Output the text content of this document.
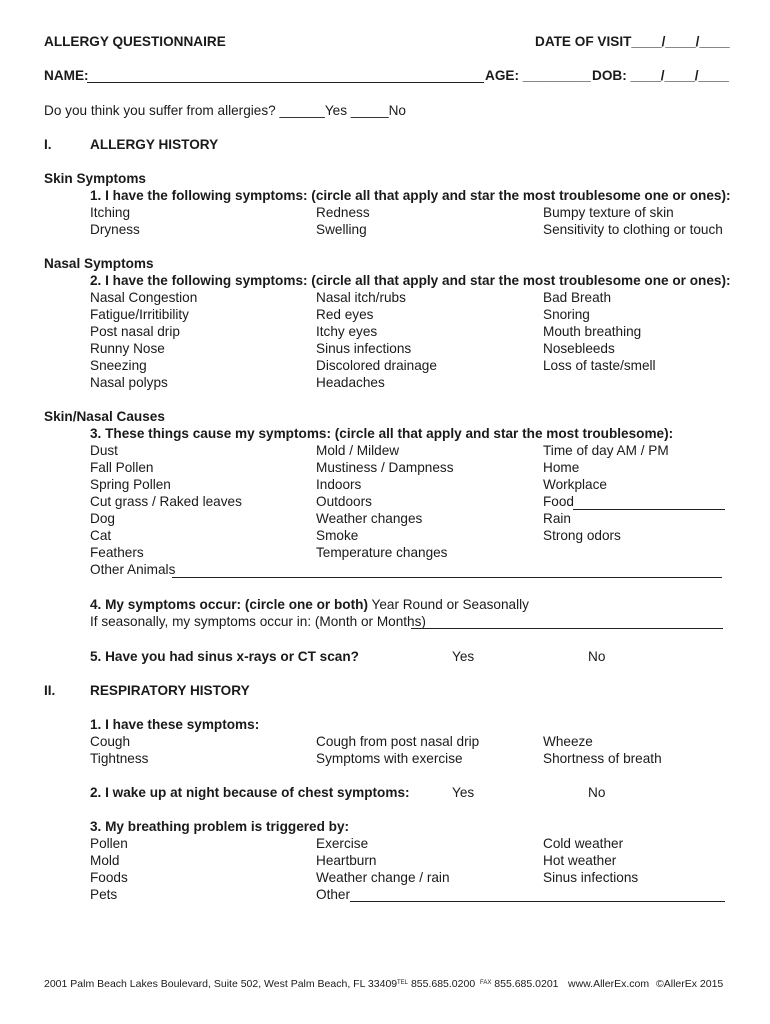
ALLERGY QUESTIONNAIRE	DATE OF VISIT____/____/____
NAME:	AGE: _________ DOB: ____/____/____
Do you think you suffer from allergies? ______Yes _____No
I.	ALLERGY HISTORY
Skin Symptoms
1. I have the following symptoms: (circle all that apply and star the most troublesome one or ones):
Itching	Redness	Bumpy texture of skin
Dryness	Swelling	Sensitivity to clothing or touch
Nasal Symptoms
2. I have the following symptoms: (circle all that apply and star the most troublesome one or ones):
Nasal Congestion	Nasal itch/rubs	Bad Breath
Fatigue/Irritibility	Red eyes	Snoring
Post nasal drip	Itchy eyes	Mouth breathing
Runny Nose	Sinus infections	Nosebleeds
Sneezing	Discolored drainage	Loss of taste/smell
Nasal polyps	Headaches
Skin/Nasal Causes
3. These things cause my symptoms: (circle all that apply and star the most troublesome):
Dust	Mold / Mildew	Time of day AM / PM
Fall Pollen	Mustiness / Dampness	Home
Spring Pollen	Indoors	Workplace
Cut grass / Raked leaves	Outdoors	Food
Dog	Weather changes	Rain
Cat	Smoke	Strong odors
Feathers	Temperature changes
Other Animals
4. My symptoms occur: (circle one or both) Year Round or Seasonally
If seasonally, my symptoms occur in: (Month or Months)
5. Have you had sinus x-rays or CT scan?	Yes	No
II.	RESPIRATORY HISTORY
1. I have these symptoms:
Cough	Cough from post nasal drip	Wheeze
Tightness	Symptoms with exercise	Shortness of breath
2. I wake up at night because of chest symptoms:	Yes	No
3. My breathing problem is triggered by:
Pollen	Exercise	Cold weather
Mold	Heartburn	Hot weather
Foods	Weather change / rain	Sinus infections
Pets	Other
2001 Palm Beach Lakes Boulevard, Suite 502, West Palm Beach, FL 33409 $^{TEL}$ 855.685.0200 $^{FAX}$ 855.685.0201 www.AllerEx.com ©AllerEx 2015
